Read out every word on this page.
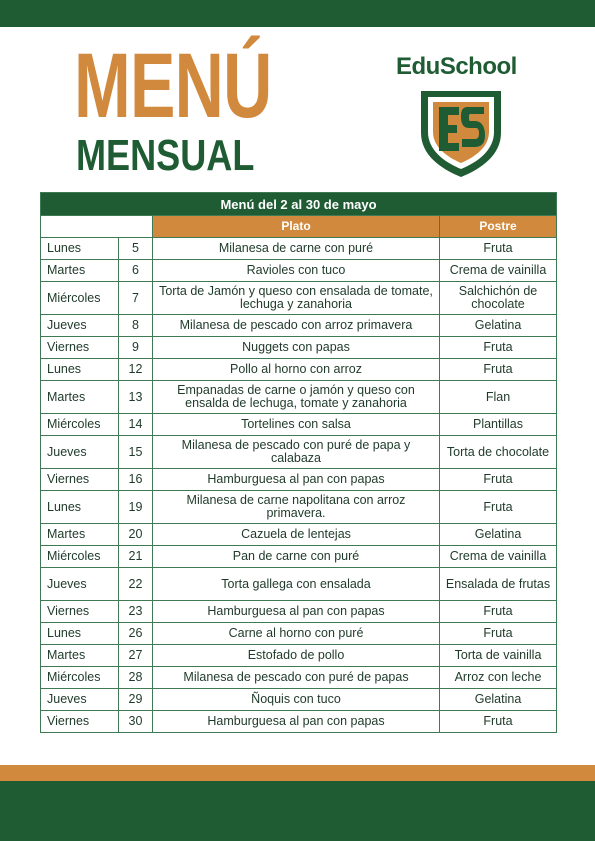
MENÚ
MENSUAL
EduSchool
Menú del 2 al 30 de mayo			
		Plato	Postre
Lunes	5	Milanesa de carne con puré	Fruta
Martes	6	Ravioles con tuco	Crema de vainilla
Miércoles	7	Torta de Jamón y queso con ensalada de tomate, lechuga y zanahoria	Salchichón de chocolate
Jueves	8	Milanesa de pescado con arroz primavera	Gelatina
Viernes	9	Nuggets con papas	Fruta
Lunes	12	Pollo al horno con arroz	Fruta
Martes	13	Empanadas de carne o jamón y queso con ensalda de lechuga, tomate y zanahoria	Flan
Miércoles	14	Tortelines con salsa	Plantillas
Jueves	15	Milanesa de pescado con puré de papa y calabaza	Torta de chocolate
Viernes	16	Hamburguesa al pan con papas	Fruta
Lunes	19	Milanesa de carne napolitana con arroz primavera.	Fruta
Martes	20	Cazuela de lentejas	Gelatina
Miércoles	21	Pan de carne con puré	Crema de vainilla
Jueves	22	Torta gallega con ensalada	Ensalada de frutas
Viernes	23	Hamburguesa al pan con papas	Fruta
Lunes	26	Carne al horno con puré	Fruta
Martes	27	Estofado de pollo	Torta de vainilla
Miércoles	28	Milanesa de pescado con puré de papas	Arroz con leche
Jueves	29	Ñoquis con tuco	Gelatina
Viernes	30	Hamburguesa al pan con papas	Fruta
